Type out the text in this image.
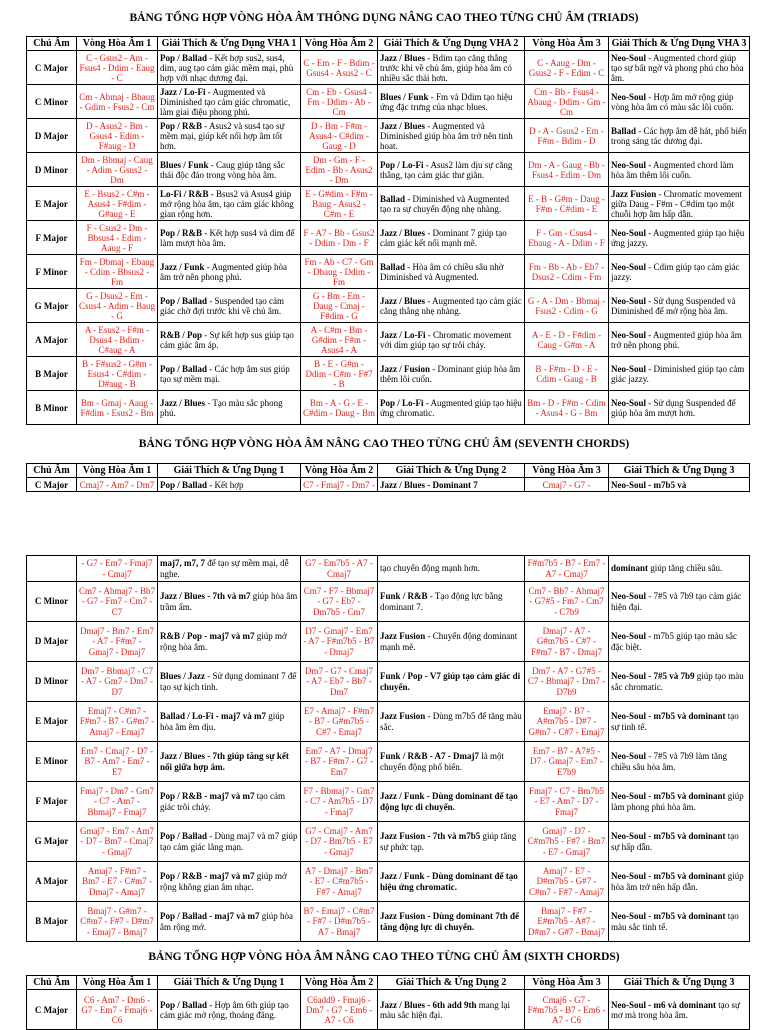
BẢNG TỔNG HỢP VÒNG HÒA ÂM THÔNG DỤNG NÂNG CAO THEO TỪNG CHỦ ÂM (TRIADS)
Chủ Âm	Vòng Hòa Âm 1	Giải Thích & Ứng Dụng VHA 1	Vòng Hòa Âm 2	Giải Thích & Ứng Dụng VHA 2	Vòng Hòa Âm 3	Giải Thích & Ứng Dụng VHA 3
C Major	C - Gsus2 - Am - Fsus4 - Ddim - Eaug - C	Pop / Ballad - Kết hợp sus2, sus4, dim, aug tạo cảm giác mềm mại, phù hợp với nhạc dương đại.	C - Em - F - Bdim - Gsus4 - Asus2 - C	Jazz / Blues - Bdim tạo căng thẳng trước khi về chủ âm, giúp hòa âm có nhiều sắc thái hơn.	C - Aaug - Dm - Gsus2 - F - Edim - C	Neo-Soul - Augmented chord giúp tạo sự bất ngờ và phong phú cho hòa âm.
C Minor	Cm - Abmaj - Bbaug - Gdim - Fsus2 - Cm	Jazz / Lo-Fi - Augmented và Diminished tạo cảm giác chromatic, làm giai điệu phong phú.	Cm - Eb - Gsus4 - Fm - Ddim - Ab - Cm	Blues / Funk - Fm và Ddim tạo hiệu ứng đặc trưng của nhạc blues.	Cm - Bb - Fsus4 - Abaug - Ddim - Gm - Cm	Neo-Soul - Hợp âm mở rộng giúp vòng hòa âm có màu sắc lôi cuốn.
D Major	D - Asus2 - Bm - Gsus4 - Edim - F#aug - D	Pop / R&B - Asus2 và sus4 tạo sự mềm mại, giúp kết nối hợp âm tốt hơn.	D - Bm - F#m - Asus4 - C#dim - Gaug - D	Jazz / Blues - Augmented và Diminished giúp hòa âm trở nên tinh hoat.	D - A - Gsus2 - Em - F#m - Bdim - D	Ballad - Các hợp âm dễ hát, phổ biến trong sáng tác dương đại.
D Minor	Dm - Bbmaj - Caug - Adim - Gsus2 - Dm	Blues / Funk - Caug giúp tăng sắc thái độc đáo trong vòng hòa âm.	Dm - Gm - F - Edim - Bb - Asus2 - Dm	Pop / Lo-Fi - Asus2 làm dịu sự căng thẳng, tạo cảm giác thư giãn.	Dm - A - Gaug - Bb - Fsus4 - Edim - Dm	Neo-Soul - Augmented chord làm hòa âm thêm lôi cuốn.
E Major	E - Bsus2 - C#m - Asus4 - F#dim - G#aug - E	Lo-Fi / R&B - Bsus2 và Asus4 giúp mở rộng hòa âm, tạo cảm giác không gian rộng hơn.	E - G#dim - F#m - Baug - Asus2 - C#m - E	Ballad - Diminished và Augmented tạo ra sự chuyển động nhẹ nhàng.	E - B - G#m - Daug - F#m - C#dim - E	Jazz Fusion - Chromatic movement giữa Daug - F#m - C#dim tạo một chuỗi hợp âm hấp dẫn.
F Major	F - Csus2 - Dm - Bbsus4 - Edim - Aaug - F	Pop / R&B - Kết hợp sus4 và dim để làm mượt hòa âm.	F - A7 - Bb - Gsus2 - Ddim - Dm - F	Jazz / Blues - Dominant 7 giúp tạo cảm giác kết nối mạnh mẽ.	F - Gm - Csus4 - Ebaug - A - Ddim - F	Neo-Soul - Augmented giúp tạo hiệu ứng jazzy.
F Minor	Fm - Dbmaj - Ebaug - Cdim - Bbsus2 - Fm	Jazz / Funk - Augmented giúp hòa âm trở nên phong phú.	Fm - Ab - C7 - Gm - Dbaug - Ddim - Fm	Ballad - Hòa âm có chiều sâu nhờ Diminished và Augmented.	Fm - Bb - Ab - Eb7 - Dsus2 - Cdim - Fm	Neo-Soul - Cdim giúp tạo cảm giác jazzy.
G Major	G - Dsus2 - Em - Csus4 - Adim - Baug - G	Pop / Ballad - Suspended tạo cảm giác chờ đợi trước khi về chủ âm.	G - Bm - Em - Daug - Cmaj - F#dim - G	Jazz / Blues - Augmented tạo cảm giác căng thẳng nhẹ nhàng.	G - A - Dm - Bbmaj - Fsus2 - Cdim - G	Neo-Soul - Sử dụng Suspended và Diminished để mở rộng hòa âm.
A Major	A - Esus2 - F#m - Dsus4 - Bdim - C#aug - A	R&B / Pop - Sự kết hợp sus giúp tạo cảm giác âm áp.	A - C#m - Bm - G#dim - F#m - Asus4 - A	Jazz / Lo-Fi - Chromatic movement với dim giúp tạo sự trôi chảy.	A - E - D - F#dim - Caug - G#m - A	Neo-Soul - Augmented giúp hòa âm trở nên phong phú.
B Major	B - F#sus2 - G#m - Esus4 - C#dim - D#aug - B	Pop / Ballad - Các hợp âm sus giúp tạo sự mềm mại.	B - E - G#m - Ddim - C#m - F#7 - B	Jazz / Fusion - Dominant giúp hòa âm thêm lôi cuốn.	B - F#m - D - E - Cdim - Gaug - B	Neo-Soul - Diminished giúp tạo cảm giác jazzy.
B Minor	Bm - Gmaj - Aaug - F#dim - Esus2 - Bm	Jazz / Blues - Tạo màu sắc phong phú.	Bm - A - G - E - C#dim - Daug - Bm	Pop / Lo-Fi - Augmented giúp tạo hiệu ứng chromatic.	Bm - D - F#m - Cdim - Asus4 - G - Bm	Neo-Soul - Sử dụng Suspended để giúp hòa âm mượt hơn.
BẢNG TỔNG HỢP VÒNG HÒA ÂM NÂNG CAO THEO TỪNG CHỦ ÂM (SEVENTH CHORDS)
Chủ Âm	Vòng Hòa Âm 1	Giải Thích & Ứng Dụng 1	Vòng Hòa Âm 2	Giải Thích & Ứng Dụng 2	Vòng Hòa Âm 3	Giải Thích & Ứng Dụng 3
C Major	Cmaj7 - Am7 - Dm7	Pop / Ballad - Kết hợp	C7 - Fmaj7 - Dm7 -	Jazz / Blues - Dominant 7	Cmaj7 - G7 -	Neo-Soul - m7b5 và
	- G7 - Em7 - Fmaj7 - Cmaj7	maj7, m7, 7 để tạo sự mềm mại, dễ nghe.	G7 - Em7b5 - A7 - Cmaj7	tạo chuyển động mạnh hơn.	F#m7b5 - B7 - Em7 - A7 - Cmaj7	dominant giúp tăng chiều sâu.
C Minor	Cm7 - Abmaj7 - Bb7 - G7 - Fm7 - Cm7 - C7	Jazz / Blues - 7th và m7 giúp hòa âm trầm ấm.	Cm7 - F7 - Bbmaj7 - G7 - Eb7 - Dm7b5 - Cm7	Funk / R&B - Tạo động lực bằng dominant 7.	Cm7 - Bb7 - Abmaj7 - G7#5 - Fm7 - Cm7 - C7b9	Neo-Soul - 7#5 và 7b9 tạo cảm giác hiện đại.
D Major	Dmaj7 - Bm7 - Em7 - A7 - F#m7 - Gmaj7 - Dmaj7	R&B / Pop - maj7 và m7 giúp mở rộng hòa âm.	D7 - Gmaj7 - Em7 - A7 - F#m7b5 - B7 - Dmaj7	Jazz Fusion - Chuyển động dominant mạnh mẽ.	Dmaj7 - A7 - G#m7b5 - C#7 - F#m7 - B7 - Dmaj7	Neo-Soul - m7b5 giúp tạo màu sắc đặc biệt.
D Minor	Dm7 - Bbmaj7 - C7 - A7 - Gm7 - Dm7 - D7	Blues / Jazz - Sử dụng dominant 7 để tạo sự kịch tính.	Dm7 - G7 - Cmaj7 - A7 - Eb7 - Bb7 - Dm7	Funk / Pop - V7 giúp tạo cảm giác di chuyển.	Dm7 - A7 - G7#5 - C7 - Bbmaj7 - Dm7 - D7b9	Neo-Soul - 7#5 và 7b9 giúp tạo màu sắc chromatic.
E Major	Emaj7 - C#m7 - F#m7 - B7 - G#m7 - Amaj7 - Emaj7	Ballad / Lo-Fi - maj7 và m7 giúp hòa âm êm dịu.	E7 - Amaj7 - F#m7 - B7 - G#m7b5 - C#7 - Emaj7	Jazz Fusion - Dùng m7b5 để tăng màu sắc.	Emaj7 - B7 - A#m7b5 - D#7 - G#m7 - C#7 - Emaj7	Neo-Soul - m7b5 và dominant tạo sự tinh tế.
E Minor	Em7 - Cmaj7 - D7 - B7 - Am7 - Em7 - E7	Jazz / Blues - 7th giúp tăng sự kết nối giữa hợp âm.	Em7 - A7 - Dmaj7 - B7 - F#m7 - G7 - Em7	Funk / R&B - A7 - Dmaj7 là một chuyển động phổ biến.	Em7 - B7 - A7#5 - D7 - Gmaj7 - Em7 - E7b9	Neo-Soul - 7#5 và 7b9 làm tăng chiều sâu hòa âm.
F Major	Fmaj7 - Dm7 - Gm7 - C7 - Am7 - Bbmaj7 - Fmaj7	Pop / R&B - maj7 và m7 tạo cảm giác trôi chảy.	F7 - Bbmaj7 - Gm7 - C7 - Am7b5 - D7 - Fmaj7	Jazz / Funk - Dùng dominant để tạo động lực di chuyển.	Fmaj7 - C7 - Bm7b5 - E7 - Am7 - D7 - Fmaj7	Neo-Soul - m7b5 và dominant giúp làm phong phú hòa âm.
G Major	Gmaj7 - Em7 - Am7 - D7 - Bm7 - Cmaj7 - Gmaj7	Pop / Ballad - Dùng maj7 và m7 giúp tạo cảm giác lãng mạn.	G7 - Cmaj7 - Am7 - D7 - Bm7b5 - E7 - Gmaj7	Jazz Fusion - 7th và m7b5 giúp tăng sự phức tạp.	Gmaj7 - D7 - C#m7b5 - F#7 - Bm7 - E7 - Gmaj7	Neo-Soul - m7b5 và dominant tạo sự hấp dẫn.
A Major	Amaj7 - F#m7 - Bm7 - E7 - C#m7 - Dmaj7 - Amaj7	Pop / R&B - maj7 và m7 giúp mở rộng không gian âm nhạc.	A7 - Dmaj7 - Bm7 - E7 - C#m7b5 - F#7 - Amaj7	Jazz / Funk - Dùng dominant để tạo hiệu ứng chromatic.	Amaj7 - E7 - D#m7b5 - G#7 - C#m7 - F#7 - Amaj7	Neo-Soul - m7b5 và dominant giúp hòa âm trở nên hấp dẫn.
B Major	Bmaj7 - G#m7 - C#m7 - F#7 - D#m7 - Emaj7 - Bmaj7	Pop / Ballad - maj7 và m7 giúp hòa âm rộng mở.	B7 - Emaj7 - C#m7 - F#7 - D#m7b5 - A7 - Bmaj7	Jazz Fusion - Dùng dominant 7th để tăng động lực di chuyển.	Bmaj7 - F#7 - E#m7b5 - A#7 - D#m7 - G#7 - Bmaj7	Neo-Soul - m7b5 và dominant tạo màu sắc tinh tế.
BẢNG TỔNG HỢP VÒNG HÒA ÂM NÂNG CAO THEO TỪNG CHỦ ÂM (SIXTH CHORDS)
Chủ Âm	Vòng Hòa Âm 1	Giải Thích & Ứng Dụng 1	Vòng Hòa Âm 2	Giải Thích & Ứng Dụng 2	Vòng Hòa Âm 3	Giải Thích & Ứng Dụng 3
C Major	C6 - Am7 - Dm6 - G7 - Em7 - Fmaj6 - C6	Pop / Ballad - Hợp âm 6th giúp tạo cảm giác mở rộng, thoáng đãng.	C6add9 - Fmaj6 - Dm7 - G7 - Em6 - A7 - C6	Jazz / Blues - 6th add 9th mang lại màu sắc hiện đại.	Cmaj6 - G7 - F#m7b5 - B7 - Em6 - A7 - C6	Neo-Soul - m6 và dominant tạo sự mơ mà trong hòa âm.
